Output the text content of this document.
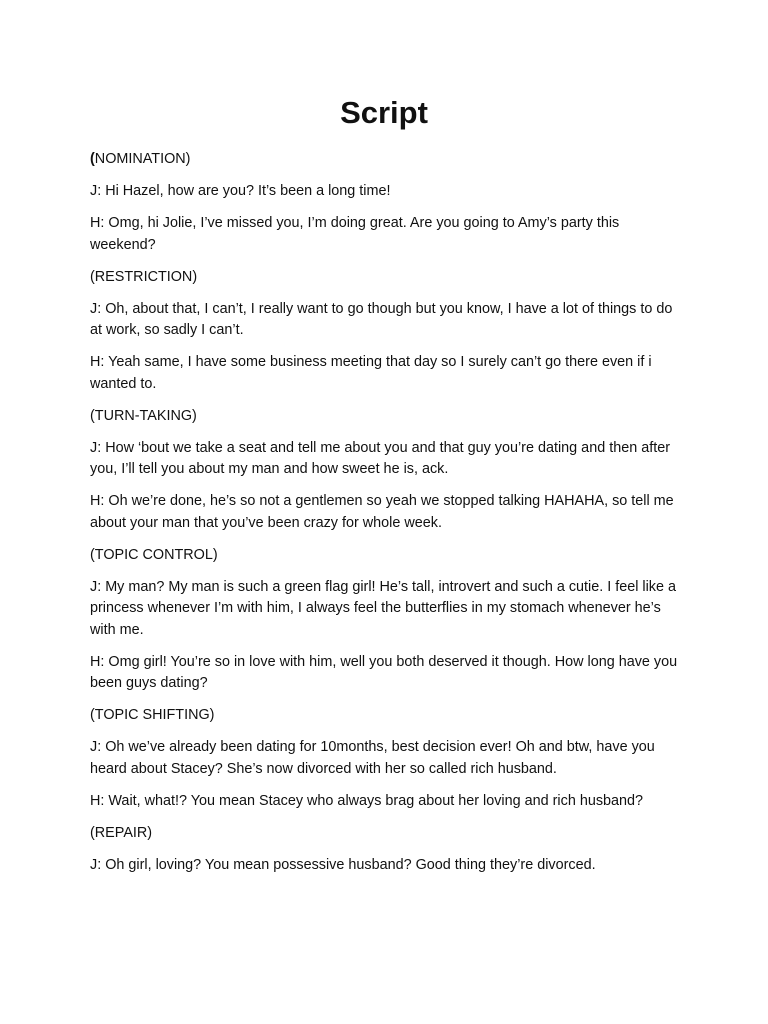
Script

(NOMINATION)

J: Hi Hazel, how are you? It’s been a long time!

H: Omg, hi Jolie, I’ve missed you, I’m doing great. Are you going to Amy’s party this weekend?

(RESTRICTION)

J: Oh, about that, I can’t, I really want to go though but you know, I have a lot of things to do at work, so sadly I can’t.

H: Yeah same, I have some business meeting that day so I surely can’t go there even if i wanted to.

(TURN-TAKING)

J: How ‘bout we take a seat and tell me about you and that guy you’re dating and then after you, I’ll tell you about my man and how sweet he is, ack.

H: Oh we’re done, he’s so not a gentlemen so yeah we stopped talking HAHAHA, so tell me about your man that you’ve been crazy for whole week.

(TOPIC CONTROL)

J: My man? My man is such a green flag girl! He’s tall, introvert and such a cutie. I feel like a princess whenever I’m with him, I always feel the butterflies in my stomach whenever he’s with me.

H: Omg girl! You’re so in love with him, well you both deserved it though. How long have you been guys dating?

(TOPIC SHIFTING)

J: Oh we’ve already been dating for 10months, best decision ever! Oh and btw, have you heard about Stacey? She’s now divorced with her so called rich husband.

H: Wait, what!? You mean Stacey who always brag about her loving and rich husband?

(REPAIR)

J: Oh girl, loving? You mean possessive husband? Good thing they’re divorced.
